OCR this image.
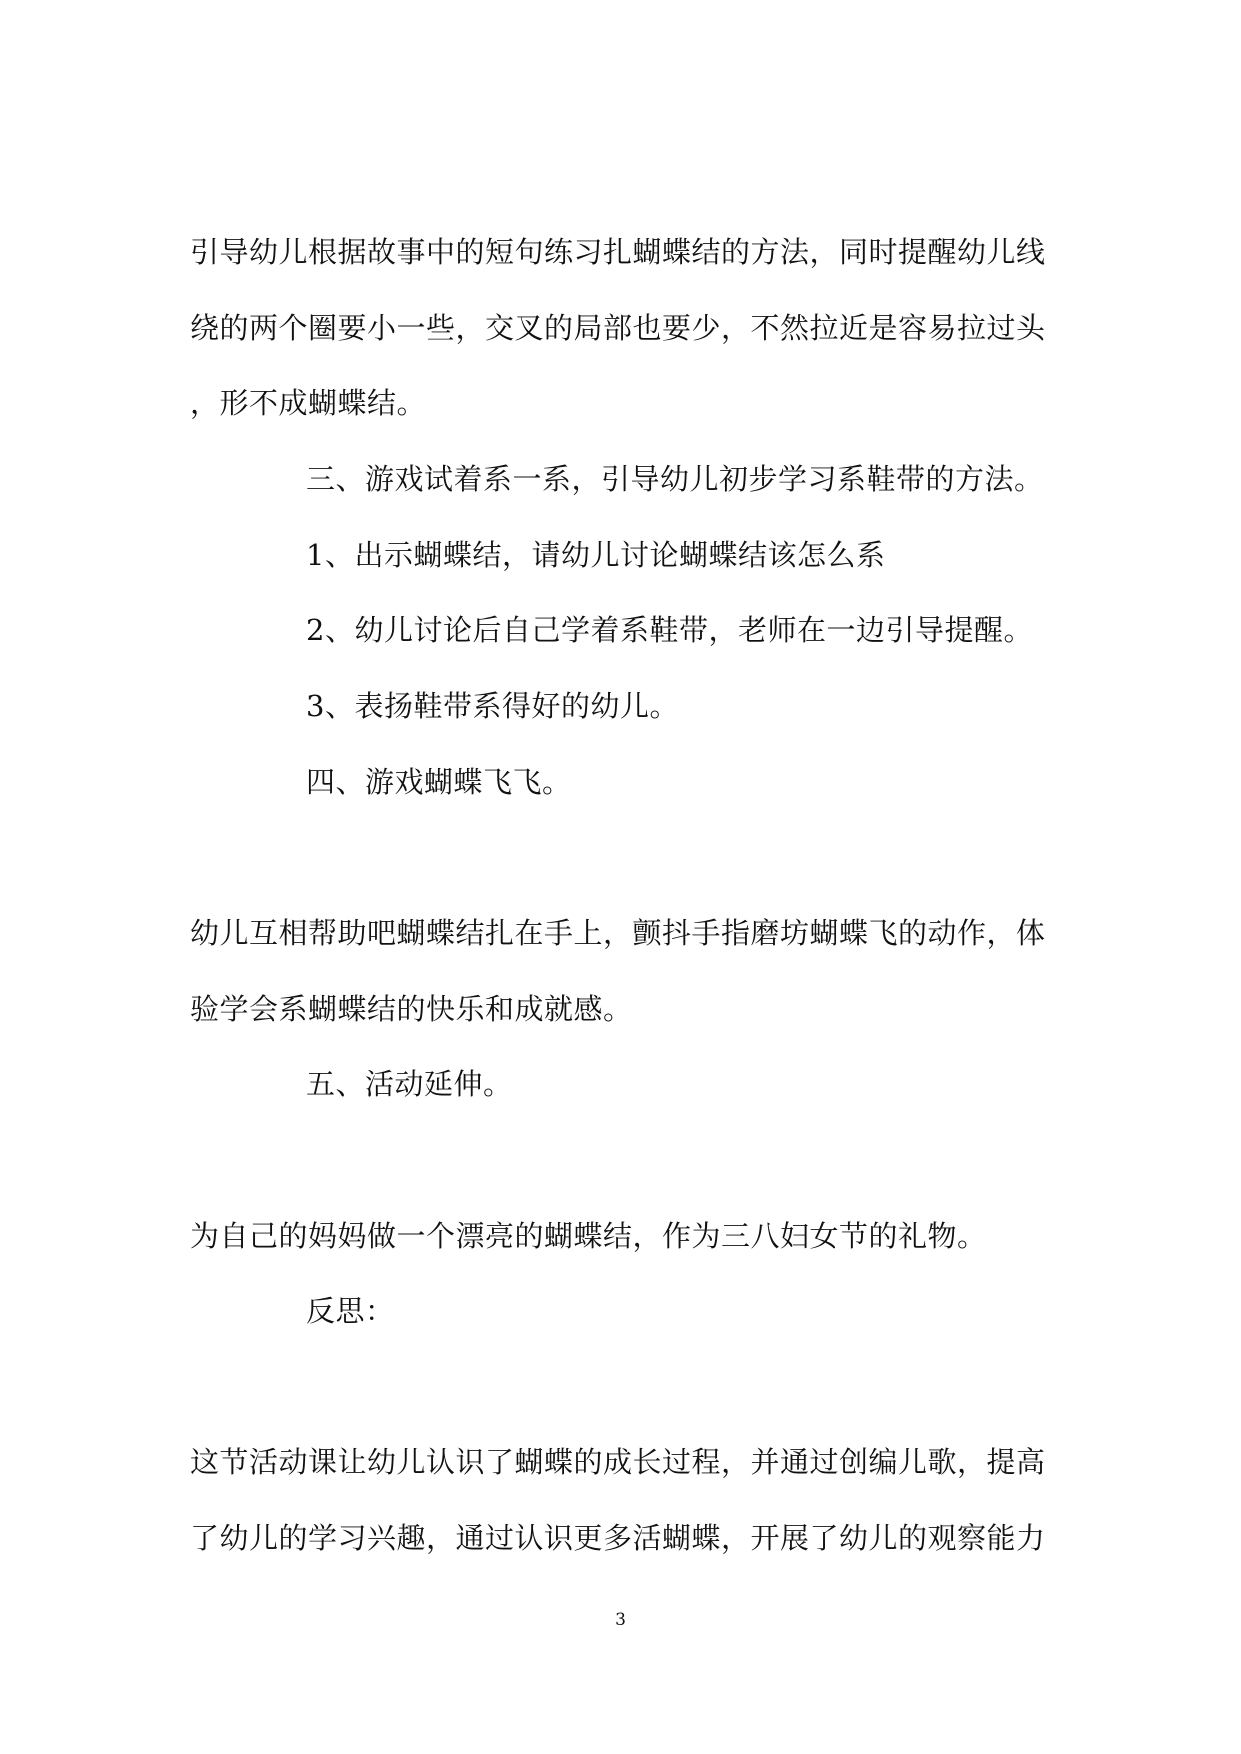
引导幼儿根据故事中的短句练习扎蝴蝶结的方法，同时提醒幼儿线
绕的两个圈要小一些，交叉的局部也要少，不然拉近是容易拉过头
，形不成蝴蝶结。
三、游戏试着系一系，引导幼儿初步学习系鞋带的方法。
1、出示蝴蝶结，请幼儿讨论蝴蝶结该怎么系
2、幼儿讨论后自己学着系鞋带，老师在一边引导提醒。
3、表扬鞋带系得好的幼儿。
四、游戏蝴蝶飞飞。
幼儿互相帮助吧蝴蝶结扎在手上，颤抖手指磨坊蝴蝶飞的动作，体
验学会系蝴蝶结的快乐和成就感。
五、活动延伸。
为自己的妈妈做一个漂亮的蝴蝶结，作为三八妇女节的礼物。
反思：
这节活动课让幼儿认识了蝴蝶的成长过程，并通过创编儿歌，提高
了幼儿的学习兴趣，通过认识更多活蝴蝶，开展了幼儿的观察能力
3
